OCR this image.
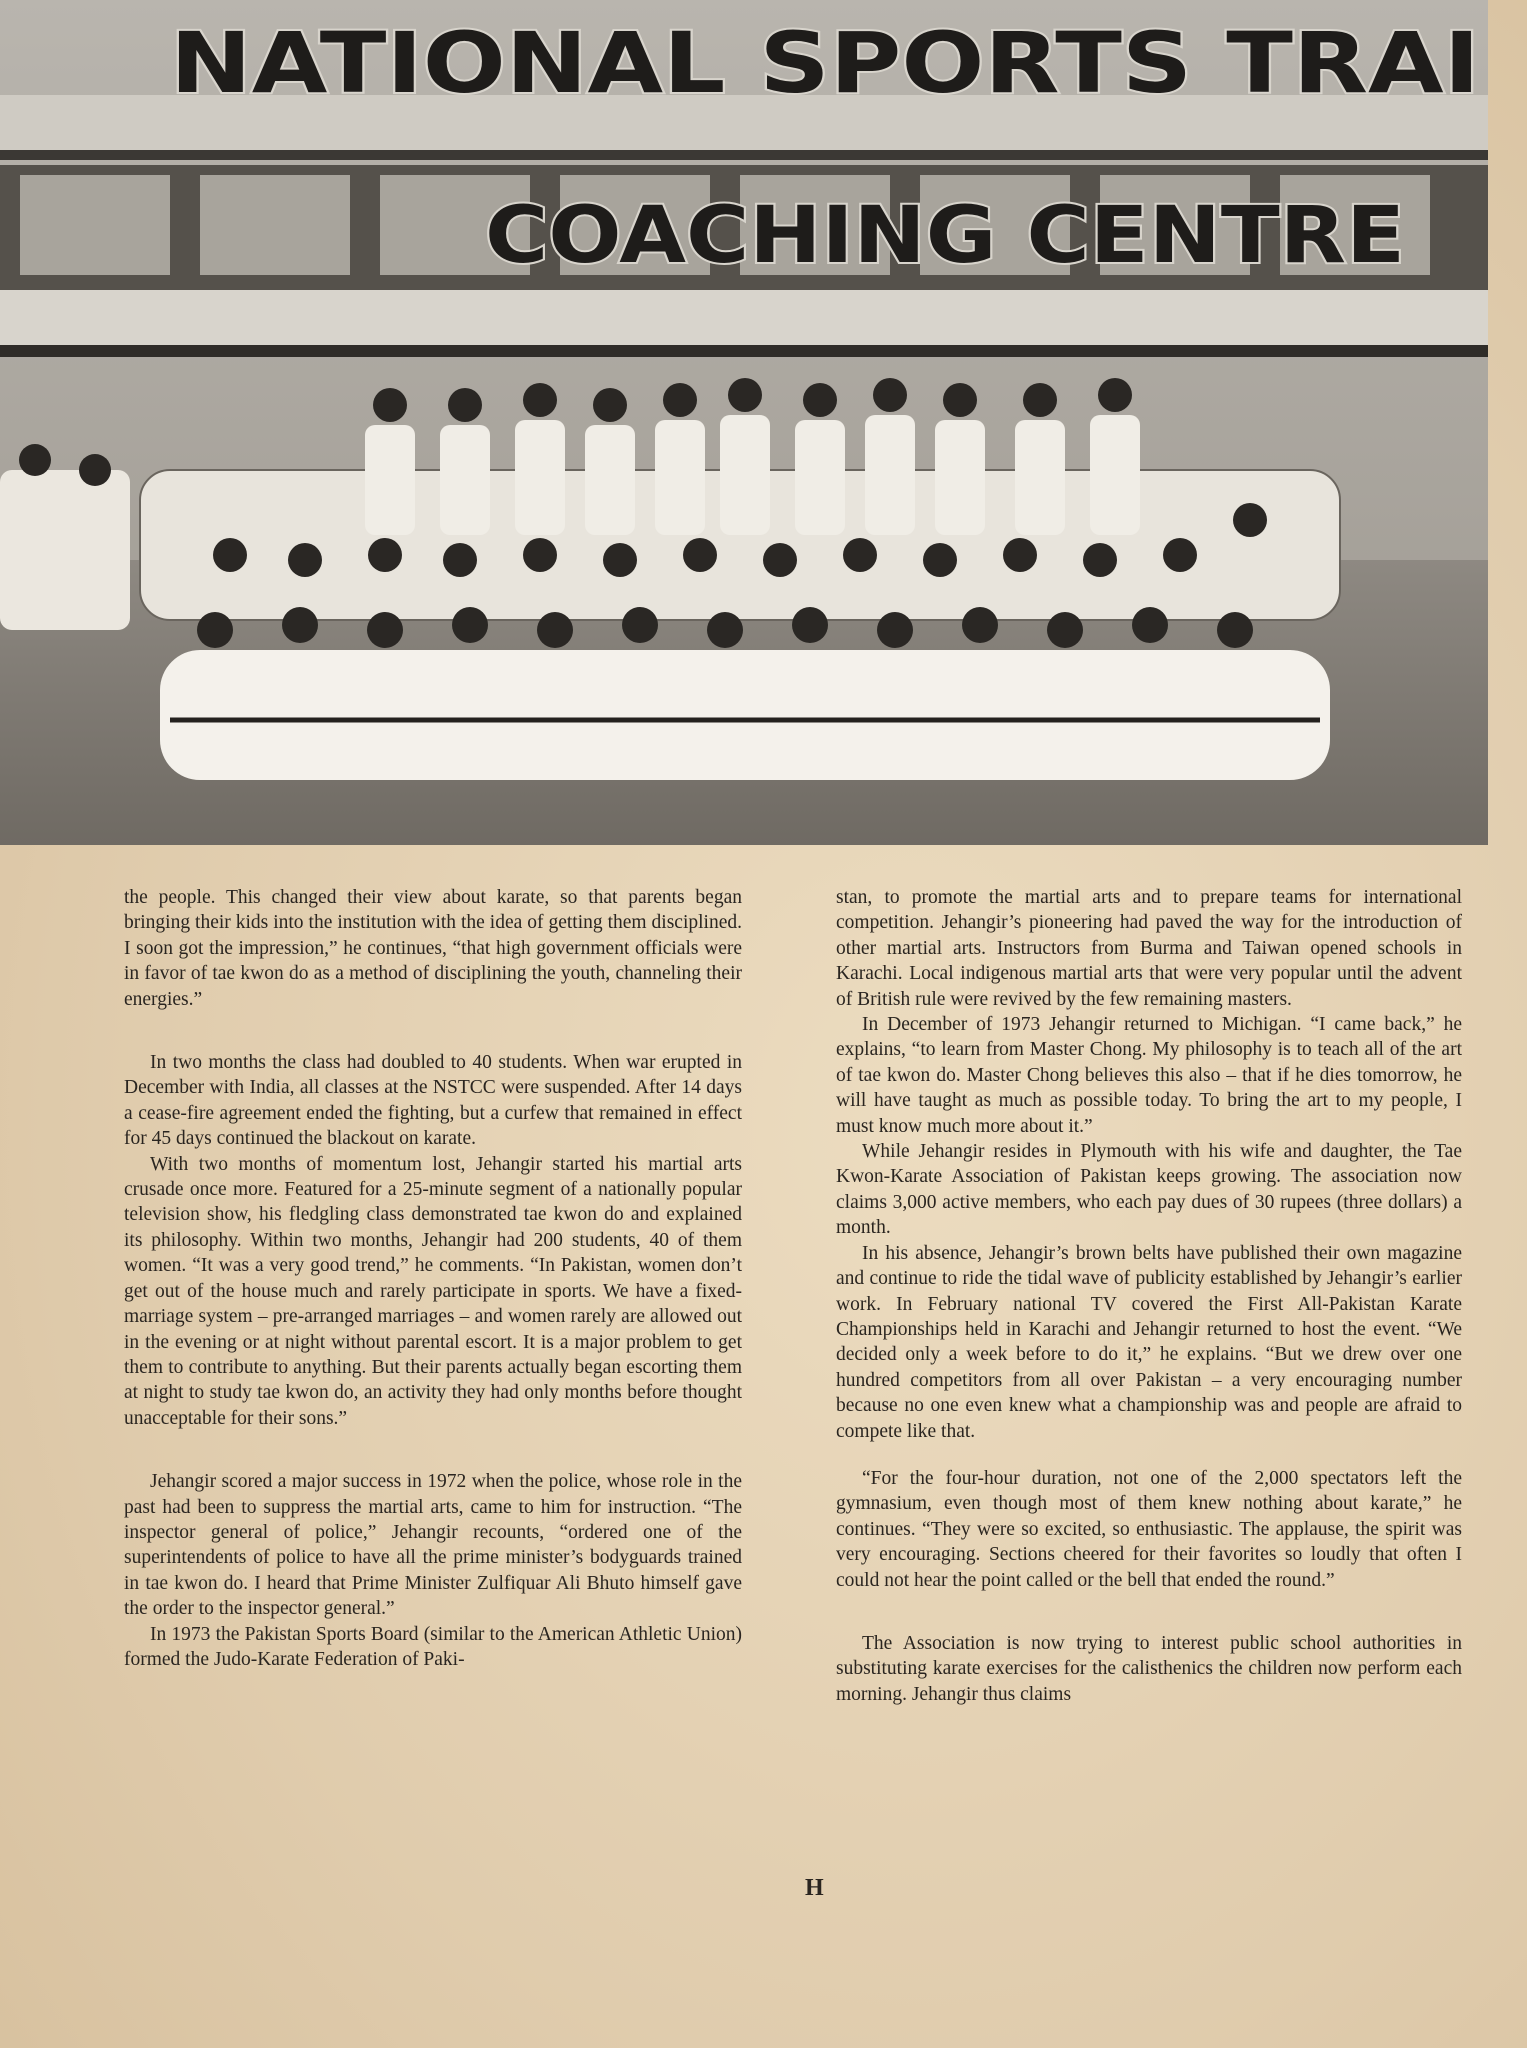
NATIONAL SPORTS TRAI
COACHING CENTRE

the people. This changed their view about karate, so that parents began bringing their kids into the institution with the idea of getting them disciplined. I soon got the impression,” he continues, “that high government officials were in favor of tae kwon do as a method of disciplining the youth, channeling their energies.”

In two months the class had doubled to 40 students. When war erupted in December with India, all classes at the NSTCC were suspended. After 14 days a cease-fire agreement ended the fighting, but a curfew that remained in effect for 45 days continued the blackout on karate.

With two months of momentum lost, Jehangir started his martial arts crusade once more. Featured for a 25-minute segment of a nationally popular television show, his fledgling class demonstrated tae kwon do and explained its philosophy. Within two months, Jehangir had 200 students, 40 of them women. “It was a very good trend,” he comments. “In Pakistan, women don’t get out of the house much and rarely participate in sports. We have a fixed-marriage system – pre-arranged marriages – and women rarely are allowed out in the evening or at night without parental escort. It is a major problem to get them to contribute to anything. But their parents actually began escorting them at night to study tae kwon do, an activity they had only months before thought unacceptable for their sons.”

Jehangir scored a major success in 1972 when the police, whose role in the past had been to suppress the martial arts, came to him for instruction. “The inspector general of police,” Jehangir recounts, “ordered one of the superintendents of police to have all the prime minister’s bodyguards trained in tae kwon do. I heard that Prime Minister Zulfiquar Ali Bhuto himself gave the order to the inspector general.”

In 1973 the Pakistan Sports Board (similar to the American Athletic Union) formed the Judo-Karate Federation of Paki-

stan, to promote the martial arts and to prepare teams for international competition. Jehangir’s pioneering had paved the way for the introduction of other martial arts. Instructors from Burma and Taiwan opened schools in Karachi. Local indigenous martial arts that were very popular until the advent of British rule were revived by the few remaining masters.

In December of 1973 Jehangir returned to Michigan. “I came back,” he explains, “to learn from Master Chong. My philosophy is to teach all of the art of tae kwon do. Master Chong believes this also – that if he dies tomorrow, he will have taught as much as possible today. To bring the art to my people, I must know much more about it.”

While Jehangir resides in Plymouth with his wife and daughter, the Tae Kwon-Karate Association of Pakistan keeps growing. The association now claims 3,000 active members, who each pay dues of 30 rupees (three dollars) a month.

In his absence, Jehangir’s brown belts have published their own magazine and continue to ride the tidal wave of publicity established by Jehangir’s earlier work. In February national TV covered the First All-Pakistan Karate Championships held in Karachi and Jehangir returned to host the event. “We decided only a week before to do it,” he explains. “But we drew over one hundred competitors from all over Pakistan – a very encouraging number because no one even knew what a championship was and people are afraid to compete like that.

“For the four-hour duration, not one of the 2,000 spectators left the gymnasium, even though most of them knew nothing about karate,” he continues. “They were so excited, so enthusiastic. The applause, the spirit was very encouraging. Sections cheered for their favorites so loudly that often I could not hear the point called or the bell that ended the round.”

The Association is now trying to interest public school authorities in substituting karate exercises for the calisthenics the children now perform each morning. Jehangir thus claims

H
